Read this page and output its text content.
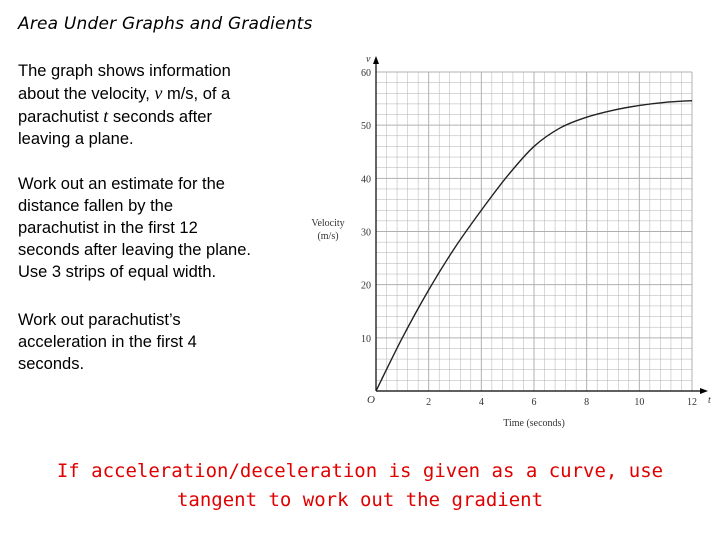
Area Under Graphs and Gradients
The graph shows information
about the velocity, v m/s, of a
parachutist t seconds after
leaving a plane.
Work out an estimate for the
distance fallen by the
parachutist in the first 12
seconds after leaving the plane.
Use 3 strips of equal width.
Work out parachutist’s
acceleration in the first 4
seconds.
2	4	6	8	10	12
10
20
30
40
50
60
O
v
t
Time (seconds)
Velocity
(m/s)
If acceleration/deceleration is given as a curve, use
tangent to work out the gradient
